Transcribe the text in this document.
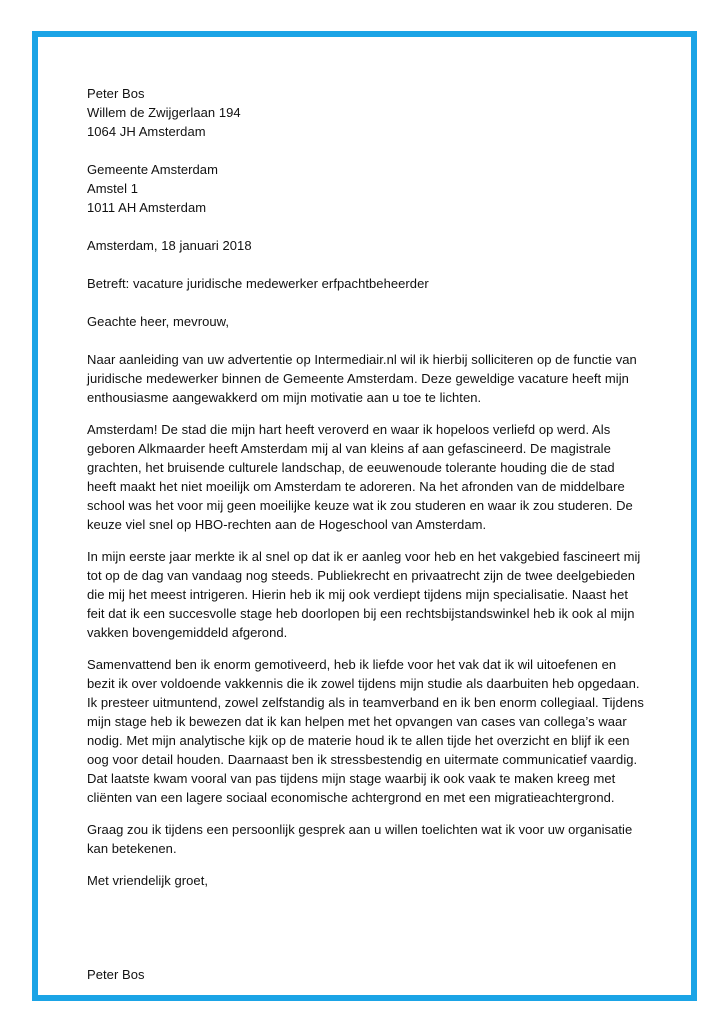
Peter Bos

Willem de Zwijgerlaan 194

1064 JH Amsterdam

Gemeente Amsterdam

Amstel 1

1011 AH Amsterdam

Amsterdam, 18 januari 2018

Betreft: vacature juridische medewerker erfpachtbeheerder

Geachte heer, mevrouw,

Naar aanleiding van uw advertentie op Intermediair.nl wil ik hierbij solliciteren op de functie van juridische medewerker binnen de Gemeente Amsterdam. Deze geweldige vacature heeft mijn enthousiasme aangewakkerd om mijn motivatie aan u toe te lichten.

Amsterdam! De stad die mijn hart heeft veroverd en waar ik hopeloos verliefd op werd. Als geboren Alkmaarder heeft Amsterdam mij al van kleins af aan gefascineerd. De magistrale grachten, het bruisende culturele landschap, de eeuwenoude tolerante houding die de stad heeft maakt het niet moeilijk om Amsterdam te adoreren. Na het afronden van de middelbare school was het voor mij geen moeilijke keuze wat ik zou studeren en waar ik zou studeren. De keuze viel snel op HBO-rechten aan de Hogeschool van Amsterdam.

In mijn eerste jaar merkte ik al snel op dat ik er aanleg voor heb en het vakgebied fascineert mij tot op de dag van vandaag nog steeds. Publiekrecht en privaatrecht zijn de twee deelgebieden die mij het meest intrigeren. Hierin heb ik mij ook verdiept tijdens mijn specialisatie. Naast het feit dat ik een succesvolle stage heb doorlopen bij een rechtsbijstandswinkel heb ik ook al mijn vakken bovengemiddeld afgerond.

Samenvattend ben ik enorm gemotiveerd, heb ik liefde voor het vak dat ik wil uitoefenen en bezit ik over voldoende vakkennis die ik zowel tijdens mijn studie als daarbuiten heb opgedaan. Ik presteer uitmuntend, zowel zelfstandig als in teamverband en ik ben enorm collegiaal. Tijdens mijn stage heb ik bewezen dat ik kan helpen met het opvangen van cases van collega’s waar nodig. Met mijn analytische kijk op de materie houd ik te allen tijde het overzicht en blijf ik een oog voor detail houden. Daarnaast ben ik stressbestendig en uitermate communicatief vaardig. Dat laatste kwam vooral van pas tijdens mijn stage waarbij ik ook vaak te maken kreeg met cliënten van een lagere sociaal economische achtergrond en met een migratieachtergrond.

Graag zou ik tijdens een persoonlijk gesprek aan u willen toelichten wat ik voor uw organisatie kan betekenen.

Met vriendelijk groet,

Peter Bos
